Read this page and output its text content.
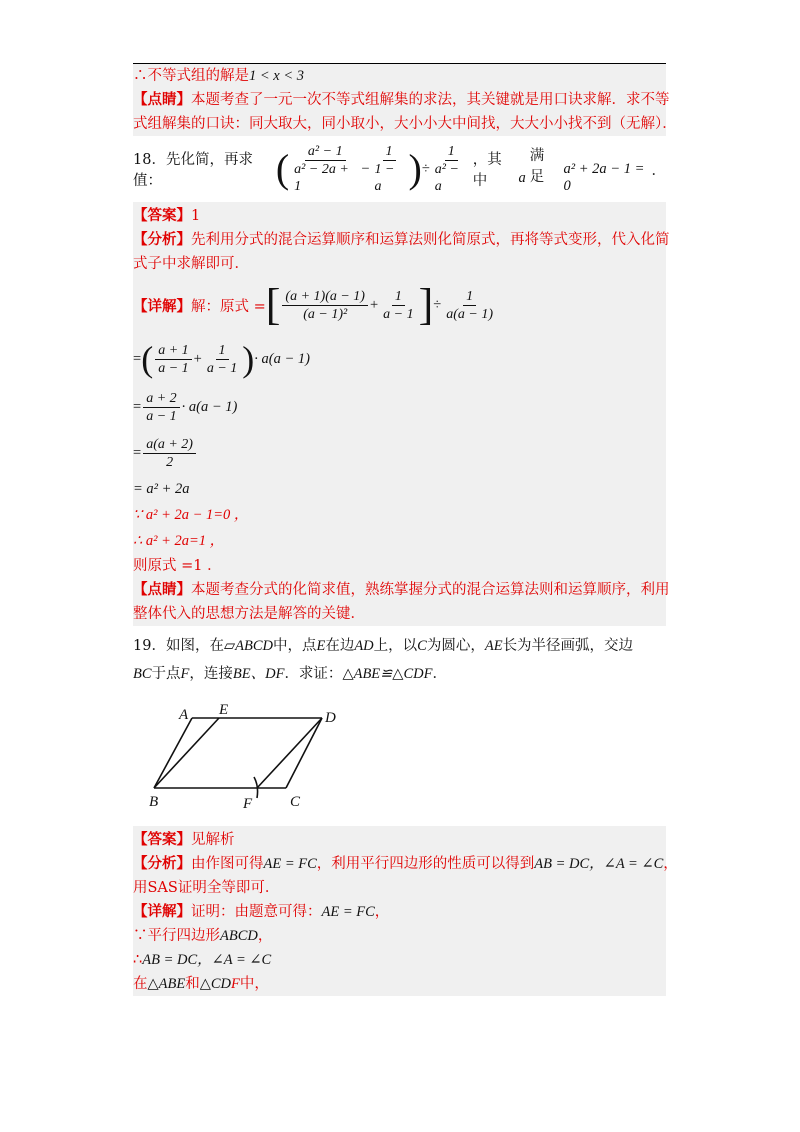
∴不等式组的解是1 < x < 3
【点睛】本题考查了一元一次不等式组解集的求法，其关键就是用口诀求解．求不等
式组解集的口诀：同大取大，同小取小，大小小大中间找，大大小小找不到（无解）．
18．先化简，再求值：	( $\frac{\text{a² − 1}}{\text{a² − 2a + 1}} - \frac{1}{1 - a}$ ) ÷ $\frac{1}{\text{a² − a}}$ ，其中	a
满足	a² + 2a − 1 = 0
．
【答案】1
【分析】先利用分式的混合运算顺序和运算法则化简原式，再将等式变形，代入化简
式子中求解即可．
【详解】 解：原式 = [ $\frac{(a + 1)(a - 1)}{\text{(a − 1)²}} + \frac{1}{a - 1}$ ] ÷ $\frac{1}{a(a - 1)}$
= ( $\frac{a + 1}{a - 1} + \frac{1}{a - 1}$ ) · a(a − 1)
= $\frac{a + 2}{a - 1} \cdot a(a - 1)$
= $\frac{a(a + 2)}{2}$
= a² + 2a
∵ a² + 2a − 1=0 ，
∴ a² + 2a=1 ，
则原式 =1 ．
【点睛】本题考查分式的化简求值，熟练掌握分式的混合运算法则和运算顺序，利用
整体代入的思想方法是解答的关键．
19．如图，在▱ABCD中，点E在边AD上，以C为圆心，AE长为半径画弧，交边
BC于点F，连接BE、DF．求证：△ABE≌△CDF．
A E	D
B	F	C
【答案】见解析
【分析】由作图可得AE = FC，利用平行四边形的性质可以得到AB = DC，∠A = ∠C，
用SAS证明全等即可．
【详解】证明：由题意可得：AE = FC，
∵平行四边形ABCD，
∴AB = DC，∠A = ∠C
在△ABE和△CDF中，
